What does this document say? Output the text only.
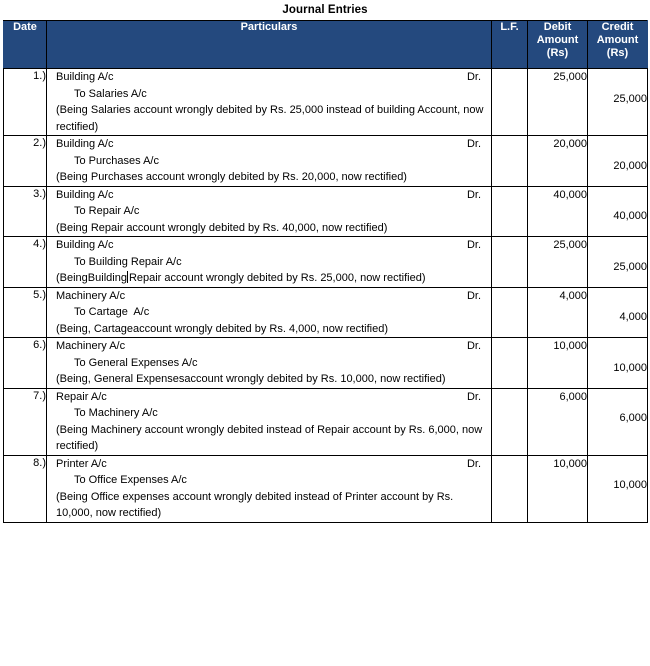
Journal Entries
Date	Particulars	L.F.	Debit
Amount
(Rs)	Credit
Amount
(Rs)

1.)	Building A/c Dr.
To Salaries A/c
(Being Salaries account wrongly debited by Rs. 25,000 instead of building Account, now rectified)		25,000	25,000
2.)	Building A/c Dr.
To Purchases A/c
(Being Purchases account wrongly debited by Rs. 20,000, now rectified)		20,000	20,000
3.)	Building A/c Dr.
To Repair A/c
(Being Repair account wrongly debited by Rs. 40,000, now rectified)		40,000	40,000
4.)	Building A/c Dr.
To Building Repair A/c
(BeingBuilding Repair account wrongly debited by Rs. 25,000, now rectified)		25,000	25,000
5.)	Machinery A/c Dr.
To Cartage  A/c
(Being, Cartageaccount wrongly debited by Rs. 4,000, now rectified)		4,000	4,000
6.)	Machinery A/c Dr.
To General Expenses A/c
(Being, General Expensesaccount wrongly debited by Rs. 10,000, now rectified)		10,000	10,000
7.)	Repair A/c Dr.
To Machinery A/c
(Being Machinery account wrongly debited instead of Repair account by Rs. 6,000, now rectified)		6,000	6,000
8.)	Printer A/c Dr.
To Office Expenses A/c
(Being Office expenses account wrongly debited instead of Printer account by Rs. 10,000, now rectified)		10,000	10,000
